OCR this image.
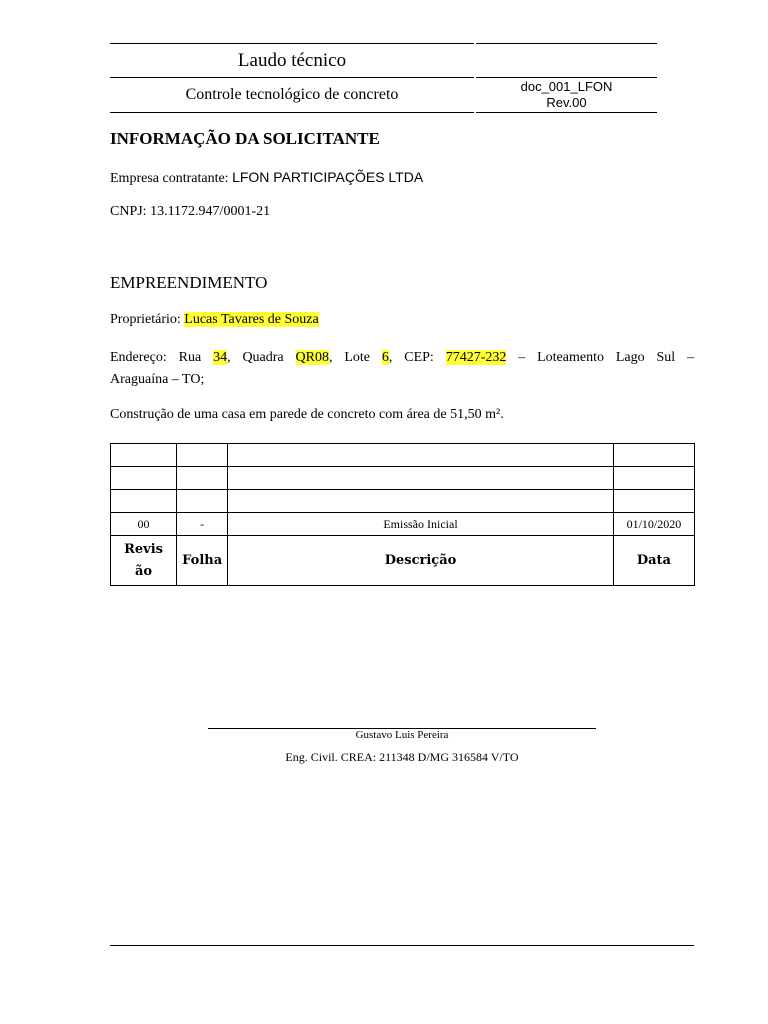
Laudo técnico
Controle tecnológico de concreto	doc_001_LFON
Rev.00
INFORMAÇÃO DA SOLICITANTE
Empresa contratante: LFON PARTICIPAÇÕES LTDA
CNPJ: 13.1172.947/0001-21
EMPREENDIMENTO
Proprietário: Lucas Tavares de Souza
Endereço: Rua 34, Quadra QR08, Lote 6, CEP: 77427-232 – Loteamento Lago Sul –
Araguaína – TO;
Construção de uma casa em parede de concreto com área de 51,50 m².

00	-	Emissão Inicial	01/10/2020

Revisão	Folha	Descrição	Data
Gustavo Luis Pereira
Eng. Civil. CREA: 211348 D/MG 316584 V/TO
